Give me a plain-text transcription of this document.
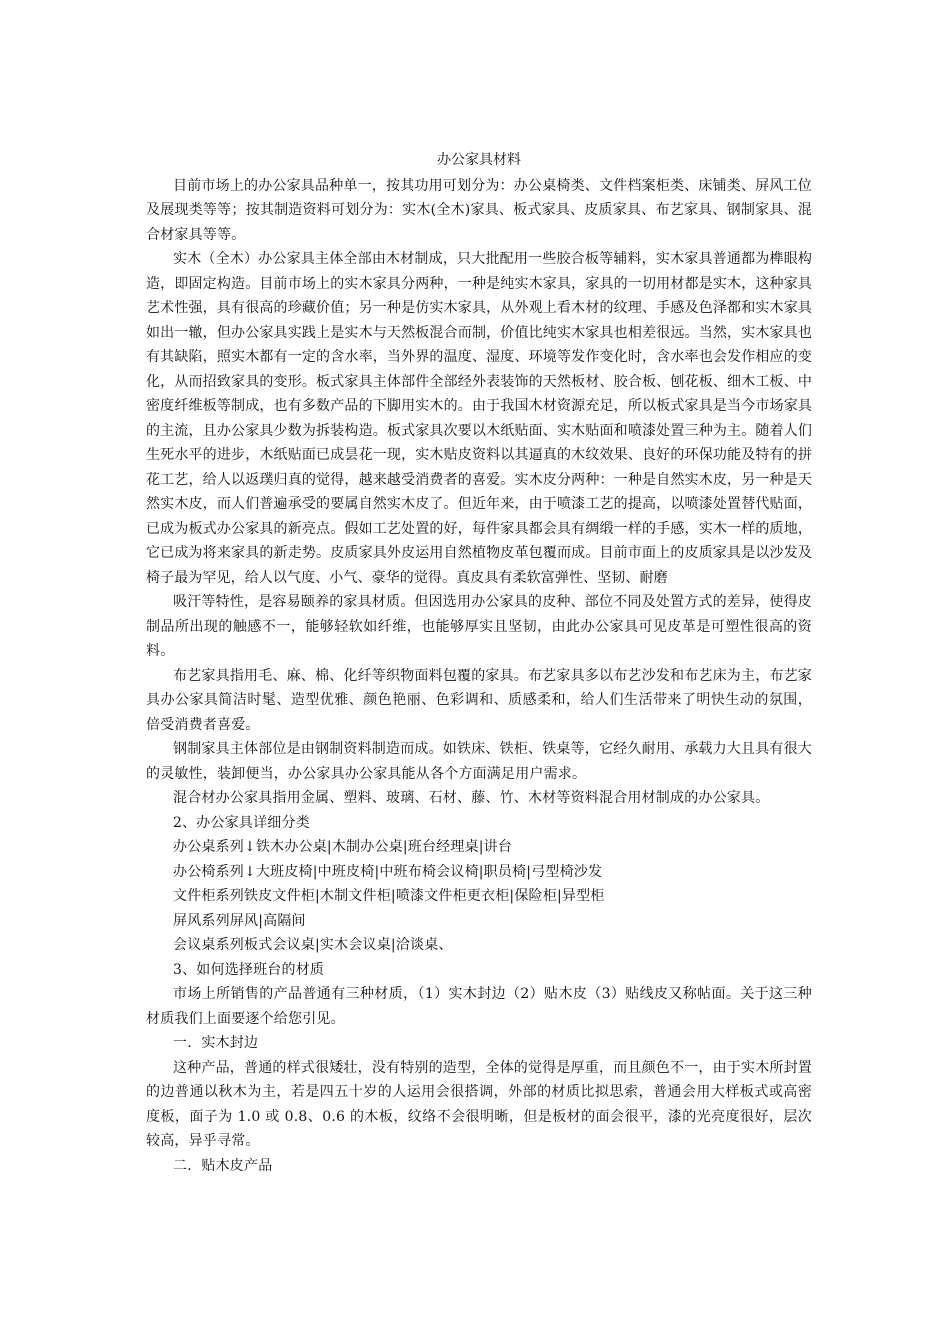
办公家具材料

目前市场上的办公家具品种单一，按其功用可划分为：办公桌椅类、文件档案柜类、床铺类、屏风工位及展现类等等；按其制造资料可划分为：实木(全木)家具、板式家具、皮质家具、布艺家具、钢制家具、混合材家具等等。

实木（全木）办公家具主体全部由木材制成，只大批配用一些胶合板等辅料，实木家具普通都为榫眼构造，即固定构造。目前市场上的实木家具分两种，一种是纯实木家具，家具的一切用材都是实木，这种家具艺术性强，具有很高的珍藏价值；另一种是仿实木家具，从外观上看木材的纹理、手感及色泽都和实木家具如出一辙，但办公家具实践上是实木与天然板混合而制，价值比纯实木家具也相差很远。当然，实木家具也有其缺陷，照实木都有一定的含水率，当外界的温度、湿度、环境等发作变化时，含水率也会发作相应的变化，从而招致家具的变形。板式家具主体部件全部经外表装饰的天然板材、胶合板、刨花板、细木工板、中密度纤维板等制成，也有多数产品的下脚用实木的。由于我国木材资源充足，所以板式家具是当今市场家具的主流，且办公家具少数为拆装构造。板式家具次要以木纸贴面、实木贴面和喷漆处置三种为主。随着人们生死水平的进步，木纸贴面已成昙花一现，实木贴皮资料以其逼真的木纹效果、良好的环保功能及特有的拼花工艺，给人以返璞归真的觉得，越来越受消费者的喜爱。实木皮分两种：一种是自然实木皮，另一种是天然实木皮，而人们普遍承受的要属自然实木皮了。但近年来，由于喷漆工艺的提高，以喷漆处置替代贴面，已成为板式办公家具的新亮点。假如工艺处置的好，每件家具都会具有绸缎一样的手感，实木一样的质地，它已成为将来家具的新走势。皮质家具外皮运用自然植物皮革包覆而成。目前市面上的皮质家具是以沙发及椅子最为罕见，给人以气度、小气、豪华的觉得。真皮具有柔软富弹性、坚韧、耐磨

吸汗等特性，是容易颐养的家具材质。但因选用办公家具的皮种、部位不同及处置方式的差异，使得皮制品所出现的触感不一，能够轻软如纤维，也能够厚实且坚韧，由此办公家具可见皮革是可塑性很高的资料。

布艺家具指用毛、麻、棉、化纤等织物面料包覆的家具。布艺家具多以布艺沙发和布艺床为主，布艺家具办公家具简洁时髦、造型优雅、颜色艳丽、色彩调和、质感柔和，给人们生活带来了明快生动的氛围，倍受消费者喜爱。

钢制家具主体部位是由钢制资料制造而成。如铁床、铁柜、铁桌等，它经久耐用、承载力大且具有很大的灵敏性，装卸便当，办公家具办公家具能从各个方面满足用户需求。

混合材办公家具指用金属、塑料、玻璃、石材、藤、竹、木材等资料混合用材制成的办公家具。

2、办公家具详细分类

办公桌系列↓铁木办公桌|木制办公桌|班台经理桌|讲台

办公椅系列↓大班皮椅|中班皮椅|中班布椅会议椅|职员椅|弓型椅沙发

文件柜系列铁皮文件柜|木制文件柜|喷漆文件柜更衣柜|保险柜|异型柜

屏风系列屏风|高隔间

会议桌系列板式会议桌|实木会议桌|洽谈桌、

3、如何选择班台的材质

市场上所销售的产品普通有三种材质，（1）实木封边（2）贴木皮（3）贴线皮又称帖面。关于这三种材质我们上面要逐个给您引见。

一．实木封边

这种产品，普通的样式很矮壮，没有特别的造型，全体的觉得是厚重，而且颜色不一，由于实木所封置的边普通以秋木为主，若是四五十岁的人运用会很搭调，外部的材质比拟思索，普通会用大样板式或高密度板，面子为 1.0 或 0.8、0.6 的木板，纹络不会很明晰，但是板材的面会很平，漆的光亮度很好，层次较高，异乎寻常。

二．贴木皮产品
